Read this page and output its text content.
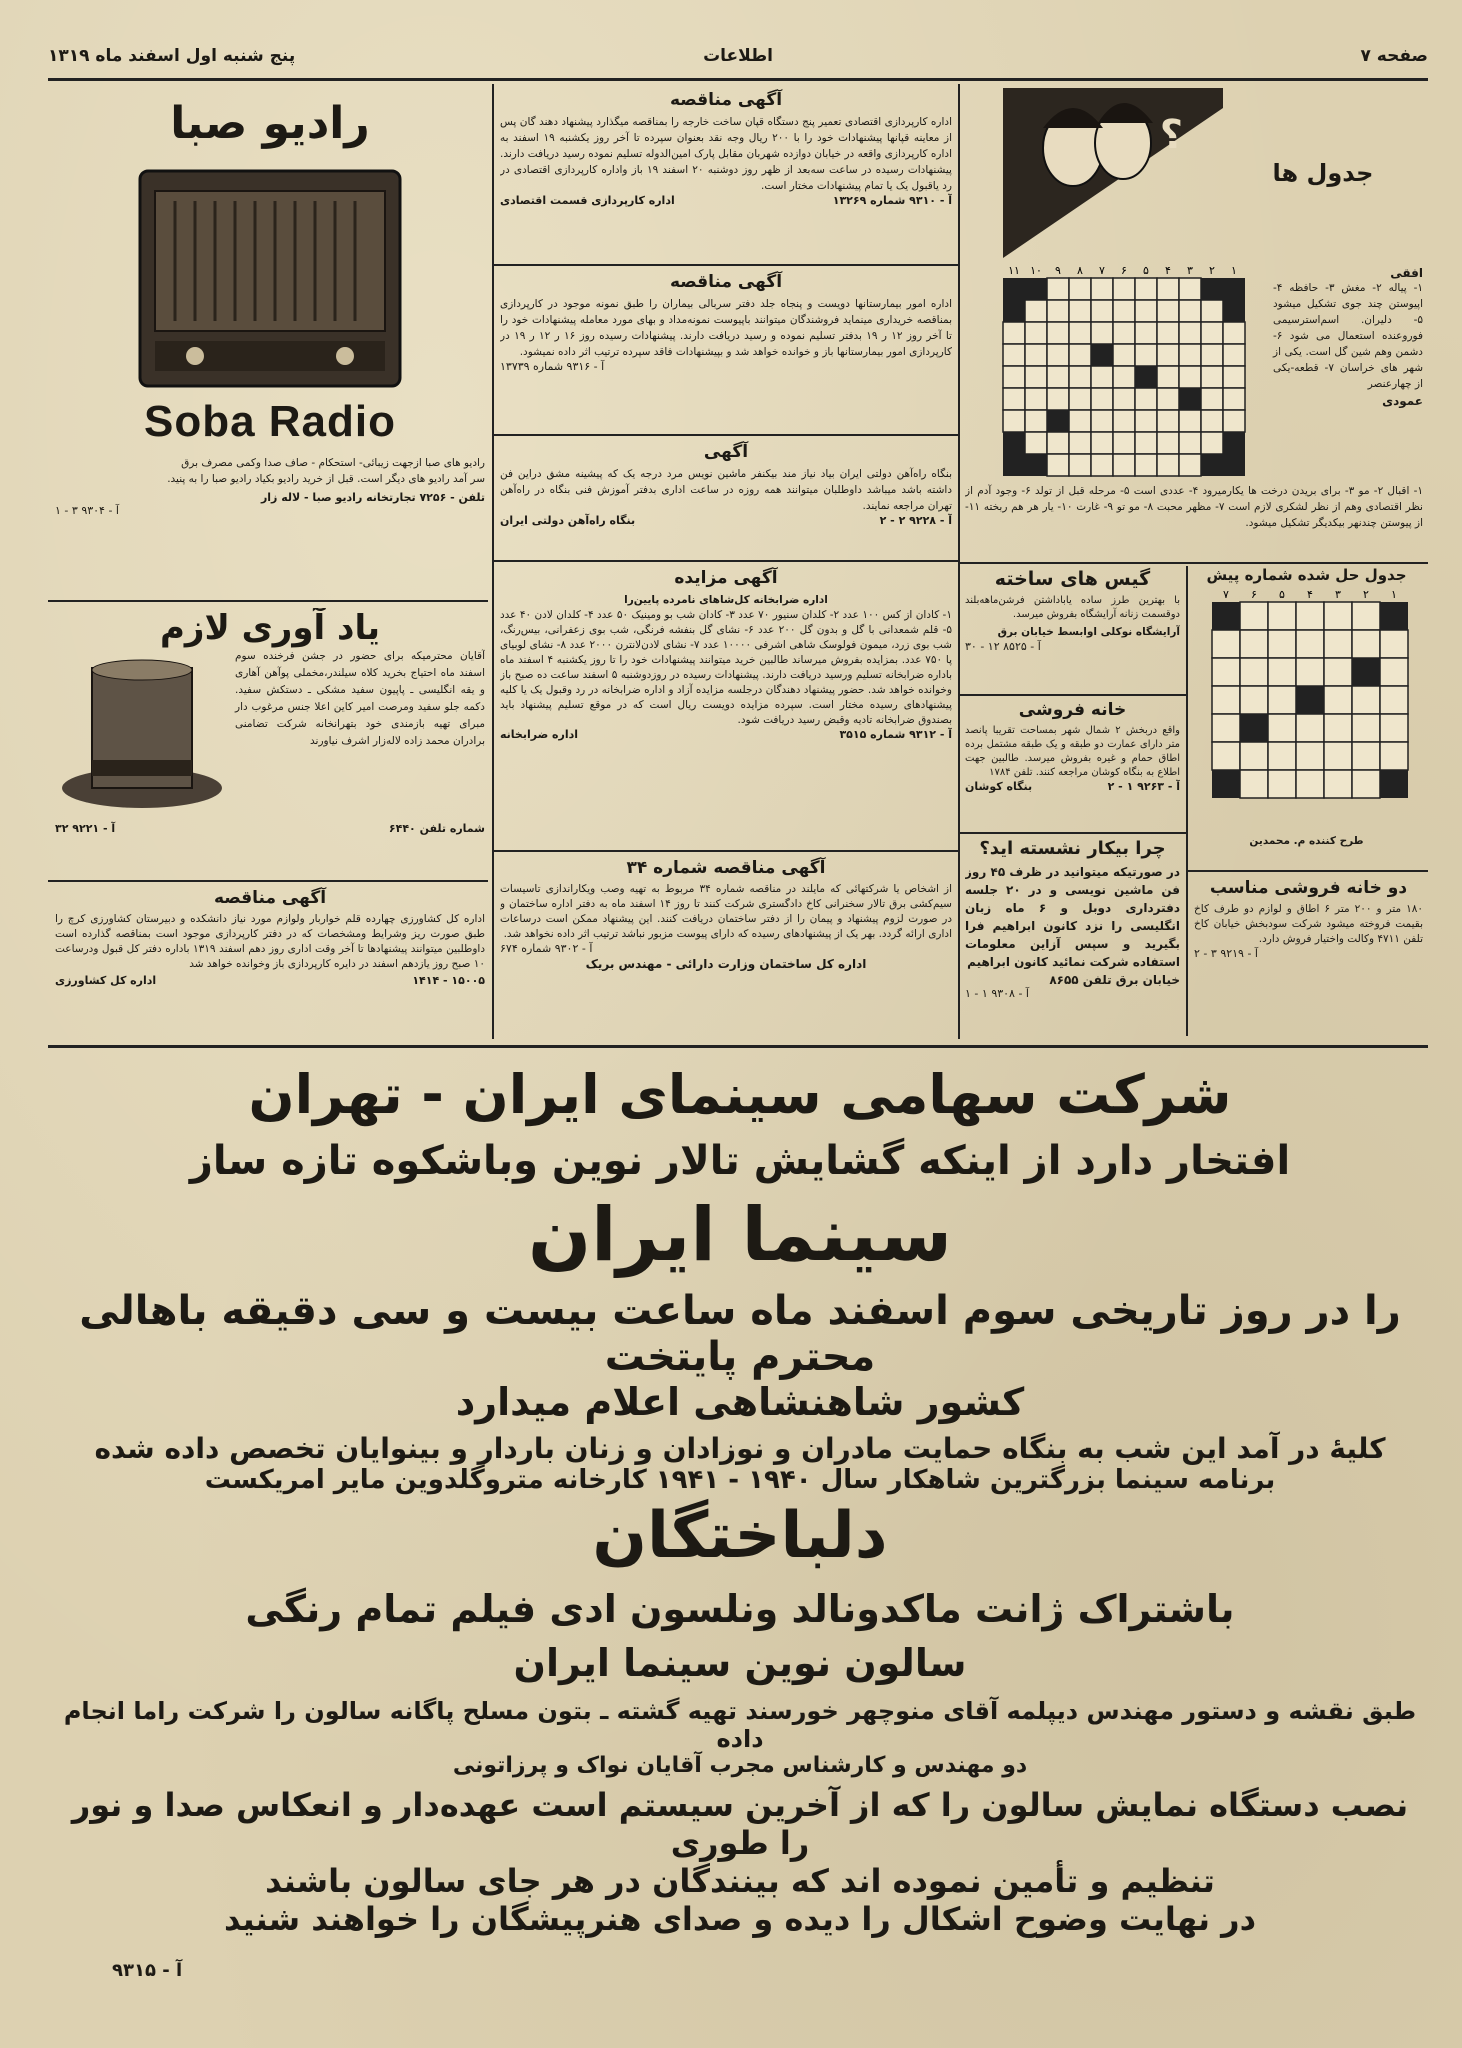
صفحه ۷
اطلاعات
پنج شنبه اول اسفند ماه ۱۳۱۹
رادیو صبا
Soba Radio
رادیو های صبا ازجهت زیبائی- استحکام - صاف صدا وکمی مصرف برق
سر آمد رادیو های دیگر است. قبل از خرید رادیو بکیاد رادیو صبا را به پنید.
تلفن - ۷۲۵۶ تجارتخانه رادیو صبا - لاله زار
آ - ۹۳۰۴ ۳ - ۱
یاد آوری لازم
آقایان محترمیکه برای حضور در جشن فرخنده سوم اسفند ماه احتیاج بخرید کلاه سیلندر،مخملی پوآهن آهاری و یقه انگلیسی ـ پاپیون سفید مشکی ـ دستکش سفید. دکمه جلو سفید ومرصت امیر کاین اعلا جنس مرغوب دار مبرای تهیه بازمندی خود بتهرانخانه شرکت تضامنی برادران محمد زاده لاله‌زار اشرف نیاورند
شماره تلفن ۶۴۴۰
آ - ۹۲۲۱ ۳۲
آگهی مناقصه
اداره کل کشاورزی چهارده قلم خواربار ولوازم مورد نیاز دانشکده و دبیرستان کشاورزی کرچ را طبق صورت ریز وشرایط ومشخصات که در دفتر کارپردازی موجود است بمناقصه گذارده است داوطلبین میتوانند پیشنهادها تا آخر وقت اداری روز دهم اسفند ۱۳۱۹ باداره دفتر کل قبول ودرساعت ۱۰ صبح روز یازدهم اسفند در دایره کارپردازی باز وخوانده خواهد شد
۱۴۱۴ - ۱۵۰۰۵
اداره کل کشاورزی
آگهی مناقصه
اداره کارپردازی اقتصادی تعمیر پنج دستگاه قپان ساخت خارجه را بمناقصه میگذارد پیشنهاد دهند گان پس از معاینه قپانها پیشنهادات خود را با ۲۰۰ ریال وجه نقد بعنوان سپرده تا آخر روز یکشنبه ۱۹ اسفند به اداره کارپردازی واقعه در خیابان دوازده شهربان مقابل پارک امین‌الدوله تسلیم نموده رسید دریافت دارند. پیشنهادات رسیده در ساعت سه‌بعد از ظهر روز دوشنبه ۲۰ اسفند ۱۹ باز واداره کارپردازی اقتصادی در رد یاقبول یک یا تمام پیشنهادات مختار است.
آ - ۹۳۱۰ شماره ۱۳۲۶۹
اداره کارپردازی قسمت اقتصادی
آگهی مناقصه
اداره امور بیمارستانها دویست و پنجاه جلد دفتر سربالی بیماران را طبق نمونه موجود در کارپردازی بمناقصه خریداری مینماید فروشندگان میتوانند باپیوست نمونه‌مداد و بهای مورد معامله پیشنهادات خود را تا آخر روز ۱۲ ر ۱۹ بدفتر تسلیم نموده و رسید دریافت دارند. پیشنهادات رسیده روز ۱۶ ر ۱۲ ر ۱۹ در کارپردازی امور بیمارستانها باز و خوانده خواهد شد و بپیشنهادات فاقد سپرده ترتیب اثر داده نمیشود.
آ - ۹۳۱۶ شماره ۱۳۷۳۹
آگهی
بنگاه راه‌آهن دولتی ایران بیاد نیاز مند بیکنفر ماشین نویس مرد درجه یک که پیشینه مشق دراین فن داشته باشد میباشد داوطلبان میتوانند همه روزه در ساعت اداری بدفتر آموزش فنی بنگاه در راه‌آهن تهران مراجعه نمایند.
آ - ۹۲۲۸ ۲ - ۲
بنگاه راه‌آهن دولتی ایران
آگهی مزایده
اداره ضرابخانه کل‌شاهای نامرده پایین‌را
۱- کادان از کس ۱۰۰ عدد ۲- کلدان سنیور ۷۰ عدد ۳- کادان شب بو ومینیک ۵۰ عدد ۴- کلدان لادن ۴۰ عدد ۵- قلم شمعدانی با گل و بدون گل ۲۰۰ عدد ۶- نشای گل بنفشه فرنگی، شب بوی زعفرانی، بیس‌رنگ، شب بوی زرد، میمون فولوسک شاهی اشرفی ۱۰۰۰۰ عدد ۷- نشای لادن‌لانترن ۲۰۰۰ عدد ۸- نشای لوبیای پا ۷۵۰ عدد. بمزایده بفروش میرساند طالبین خرید میتوانند پیشنهادات خود را تا روز یکشنبه ۴ اسفند ماه باداره ضرابخانه تسلیم ورسید دریافت دارند. پیشنهادات رسیده در روزدوشنبه ۵ اسفند ساعت ده صبح باز وخوانده خواهد شد. حضور پیشنهاد دهندگان درجلسه مزایده آزاد و اداره ضرابخانه در رد وقبول یک یا کلیه پیشنهادهای رسیده مختار است. سپرده مزایده دویست ریال است که در موقع تسلیم پیشنهاد باید بصندوق ضرابخانه تادیه وقبض رسید دریافت شود.
آ - ۹۳۱۲ شماره ۳۵۱۵
اداره ضرابخانه
آگهی مناقصه شماره ۳۴
از اشخاص یا شرکتهائی که مایلند در مناقصه شماره ۳۴ مربوط به تهیه وصب ویکاراندازی تاسیسات سیم‌کشی برق تالار سخنرانی کاخ دادگستری شرکت کنند تا روز ۱۴ اسفند ماه به دفتر اداره ساختمان و در صورت لزوم پیشنهاد و پیمان را از دفتر ساختمان دریافت کنند. این پیشنهاد ممکن است درساعات اداری ارائه گردد. بهر یک از پیشنهادهای رسیده که دارای پیوست مزبور نباشد ترتیب اثر داده نخواهد شد.
آ - ۹۳۰۲ شماره ۶۷۴
اداره کل ساختمان وزارت دارائی - مهندس بریک
جدول ها
؟
افقی
۱- پیاله ۲- مغش ۳- حافظه ۴- اپیوستن چند جوی تشکیل میشود ۵- دلیران. اسم‌استرسیمی فوروعنده استعمال می شود ۶- دشمن وهم شین گل است. یکی از شهر های خراسان ۷- قطعه‌-یکی از چهارعنصر
عمودی
۱
۲
۳
۴
۵
۶
۷
۸
۹
۱۰
۱۱
۱- اقبال ۲- مو ۳- برای بریدن درخت ها یکارمیرود ۴- عددی است ۵- مرحله قبل از تولد ۶- وجود آدم از نظر اقتصادی وهم از نظر لشکری لازم است ۷- مظهر محبت ۸- مو تو ۹- غارت ۱۰- یار هر هم ربخته ۱۱- از پیوستن چندنهر بیکدیگر تشکیل میشود.
جدول حل شده شماره پیش
۱
۲
۳
۴
۵
۶
۷
طرح کننده م. محمدین
گیس های ساخته
با بهترین طرز ساده یاباداشتن فرشن‌ماهه‌بلند دوقسمت زنانه آرایشگاه بفروش میرسد.
آرایشگاه نوکلی اوابسط خیابان برق
آ - ۸۵۲۵ ۱۲ - ۳۰
خانه فروشی
واقع دربخش ۲ شمال شهر بمساحت تقریبا پانصد متر دارای عمارت دو طبقه و یک طبقه مشتمل برده اطاق حمام و غیره بفروش میرسد. طالبین جهت اطلاع به بنگاه کوشان مراجعه کنند. تلفن ۱۷۸۴
آ - ۹۲۶۳ ۱ - ۲
بنگاه کوشان
چرا بیکار نشسته اید؟
در صورتیکه میتوانید در ظرف ۴۵ روز فن ماشین نویسی و در ۲۰ جلسه دفترداری دوبل و ۶ ماه زبان انگلیسی را نزد کانون ابراهیم فرا بگیرید و سپس آزاین معلومات استفاده شرکت نمائید کانون ابراهیم
خیابان برق تلفن ۸۶۵۵
آ - ۹۳۰۸ ۱ - ۱
دو خانه فروشی مناسب
۱۸۰ متر و ۲۰۰ متر ۶ اطاق و لوازم دو طرف کاخ بقیمت فروخته میشود شرکت سودبخش خیابان کاخ تلفن ۴۷۱۱ وکالت واختیار فروش دارد.
آ - ۹۲۱۹ ۳ - ۲
شرکت سهامی سینمای ایران - تهران
افتخار دارد از اینکه گشایش تالار نوین وباشکوه تازه ساز
سینما ایران
را در روز تاریخی سوم اسفند ماه ساعت بیست و سی دقیقه باهالی محترم پایتخت
کشور شاهنشاهی اعلام میدارد
کلیهٔ در آمد این شب به بنگاه حمایت مادران و نوزادان و زنان باردار و بینوایان تخصص داده شده
برنامه سینما بزرگترین شاهکار سال ۱۹۴۰ - ۱۹۴۱ کارخانه متروگلدوین مایر امریکست
دلباختگان
باشتراک ژانت ماکدونالد ونلسون ادی فیلم تمام رنگی
سالون نوین سینما ایران
طبق نقشه و دستور مهندس دیپلمه آقای منوچهر خورسند تهیه گشته ـ بتون مسلح پاگانه سالون را شرکت راما انجام داده
دو مهندس و کارشناس مجرب آقایان نواک و پرزاتونی
نصب دستگاه نمایش سالون را که از آخرین سیستم است عهده‌دار و انعکاس صدا و نور را طوری
تنظیم و تأمین نموده اند که بینندگان در هر جای سالون باشند
در نهایت وضوح اشکال را دیده و صدای هنرپیشگان را خواهند شنید
آ - ۹۳۱۵
